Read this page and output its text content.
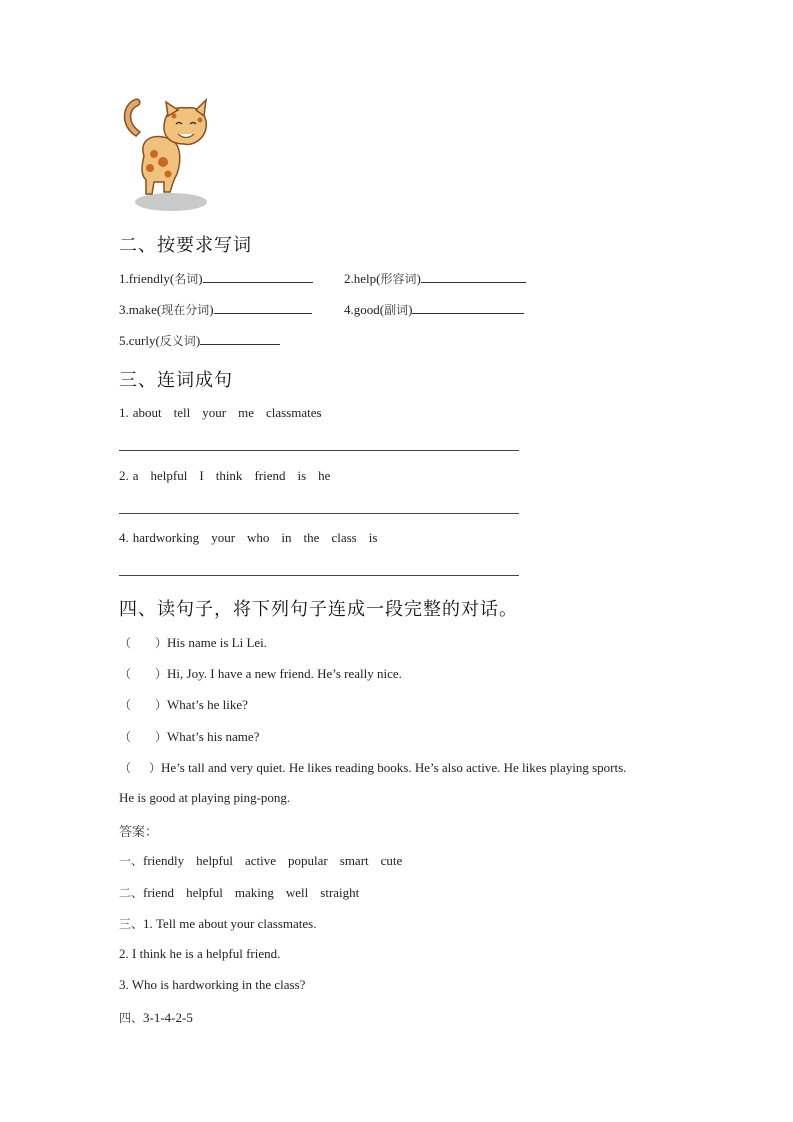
二、按要求写词
1.friendly(名词)	2.help(形容词)
3.make(现在分词)	4.good(副词)
5.curly(反义词)
三、连词成句
1. about tell your me classmates
2. a helpful I think friend is he
4. hardworking your who in the class is
四、读句子，将下列句子连成一段完整的对话。
（ ）His name is Li Lei.
（ ）Hi, Joy. I have a new friend. He’s really nice.
（ ）What’s he like?
（ ）What’s his name?
（ ）He’s tall and very quiet. He likes reading books. He’s also active. He likes playing sports.
He is good at playing ping-pong.
答案：
一、friendly helpful active popular smart cute
二、friend helpful making well straight
三、1. Tell me about your classmates.
2. I think he is a helpful friend.
3. Who is hardworking in the class?
四、3-1-4-2-5
